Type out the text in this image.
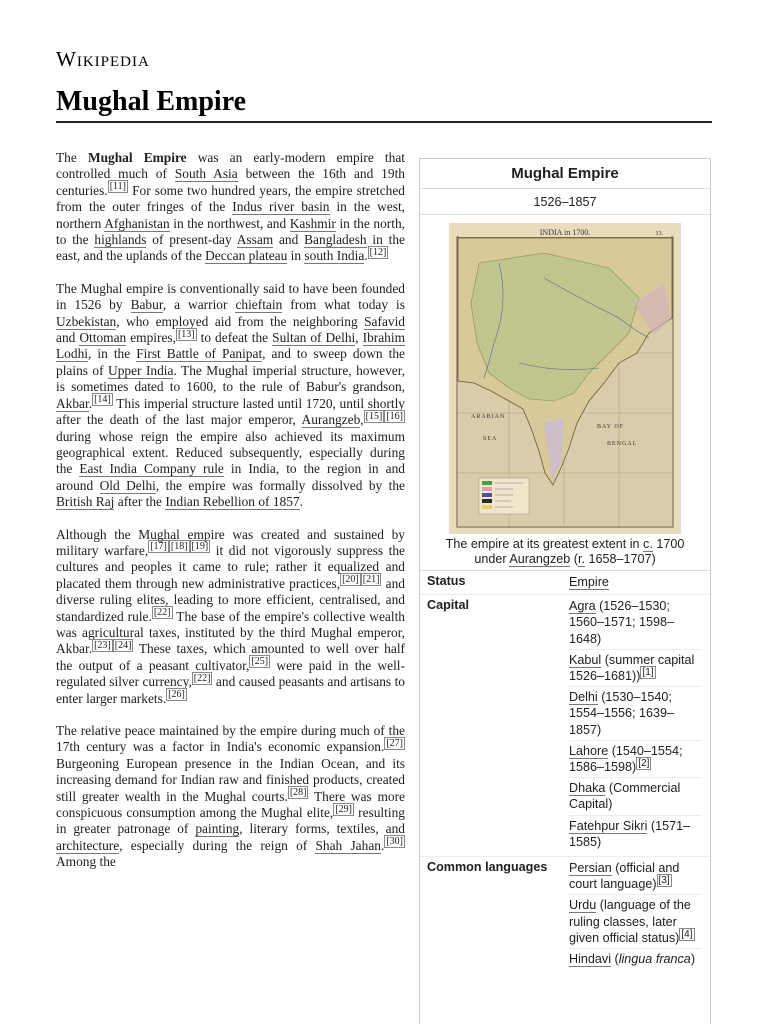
Wikipedia
Mughal Empire

The Mughal Empire was an early-modern empire that controlled much of South Asia between the 16th and 19th centuries. [11] For some two hundred years, the empire stretched from the outer fringes of the Indus river basin in the west, northern Afghanistan in the northwest, and Kashmir in the north, to the highlands of present-day Assam and Bangladesh in the east, and the uplands of the Deccan plateau in south India. [12]

The Mughal empire is conventionally said to have been founded in 1526 by Babur, a warrior chieftain from what today is Uzbekistan, who employed aid from the neighboring Safavid and Ottoman empires, [13] to defeat the Sultan of Delhi, Ibrahim Lodhi, in the First Battle of Panipat, and to sweep down the plains of Upper India. The Mughal imperial structure, however, is sometimes dated to 1600, to the rule of Babur's grandson, Akbar. [14] This imperial structure lasted until 1720, until shortly after the death of the last major emperor, Aurangzeb, [15] [16] during whose reign the empire also achieved its maximum geographical extent. Reduced subsequently, especially during the East India Company rule in India, to the region in and around Old Delhi, the empire was formally dissolved by the British Raj after the Indian Rebellion of 1857.

Although the Mughal empire was created and sustained by military warfare, [17] [18] [19] it did not vigorously suppress the cultures and peoples it came to rule; rather it equalized and placated them through new administrative practices, [20] [21] and diverse ruling elites, leading to more efficient, centralised, and standardized rule. [22] The base of the empire's collective wealth was agricultural taxes, instituted by the third Mughal emperor, Akbar. [23] [24] These taxes, which amounted to well over half the output of a peasant cultivator, [25] were paid in the well-regulated silver currency, [22] and caused peasants and artisans to enter larger markets. [26]

The relative peace maintained by the empire during much of the 17th century was a factor in India's economic expansion. [27] Burgeoning European presence in the Indian Ocean, and its increasing demand for Indian raw and finished products, created still greater wealth in the Mughal courts. [28] There was more conspicuous consumption among the Mughal elite, [29] resulting in greater patronage of painting, literary forms, textiles, and architecture, especially during the reign of Shah Jahan. [30] Among the

Mughal Empire
1526–1857
INDIA in 1700.	13.
ARABIAN
SEA
BAY OF
BENGAL
The empire at its greatest extent in c. 1700 under Aurangzeb (r. 1658–1707)
Status	Empire
Capital	Agra (1526–1530; 1560–1571; 1598–1648)
Kabul (summer capital 1526–1681)) [1]
Delhi (1530–1540; 1554–1556; 1639–1857)
Lahore (1540–1554; 1586–1598) [2]
Dhaka (Commercial Capital)
Fatehpur Sikri (1571–1585)
Common languages	Persian (official and court language) [3]
Urdu (language of the ruling classes, later given official status) [4]
Hindavi (lingua franca)
